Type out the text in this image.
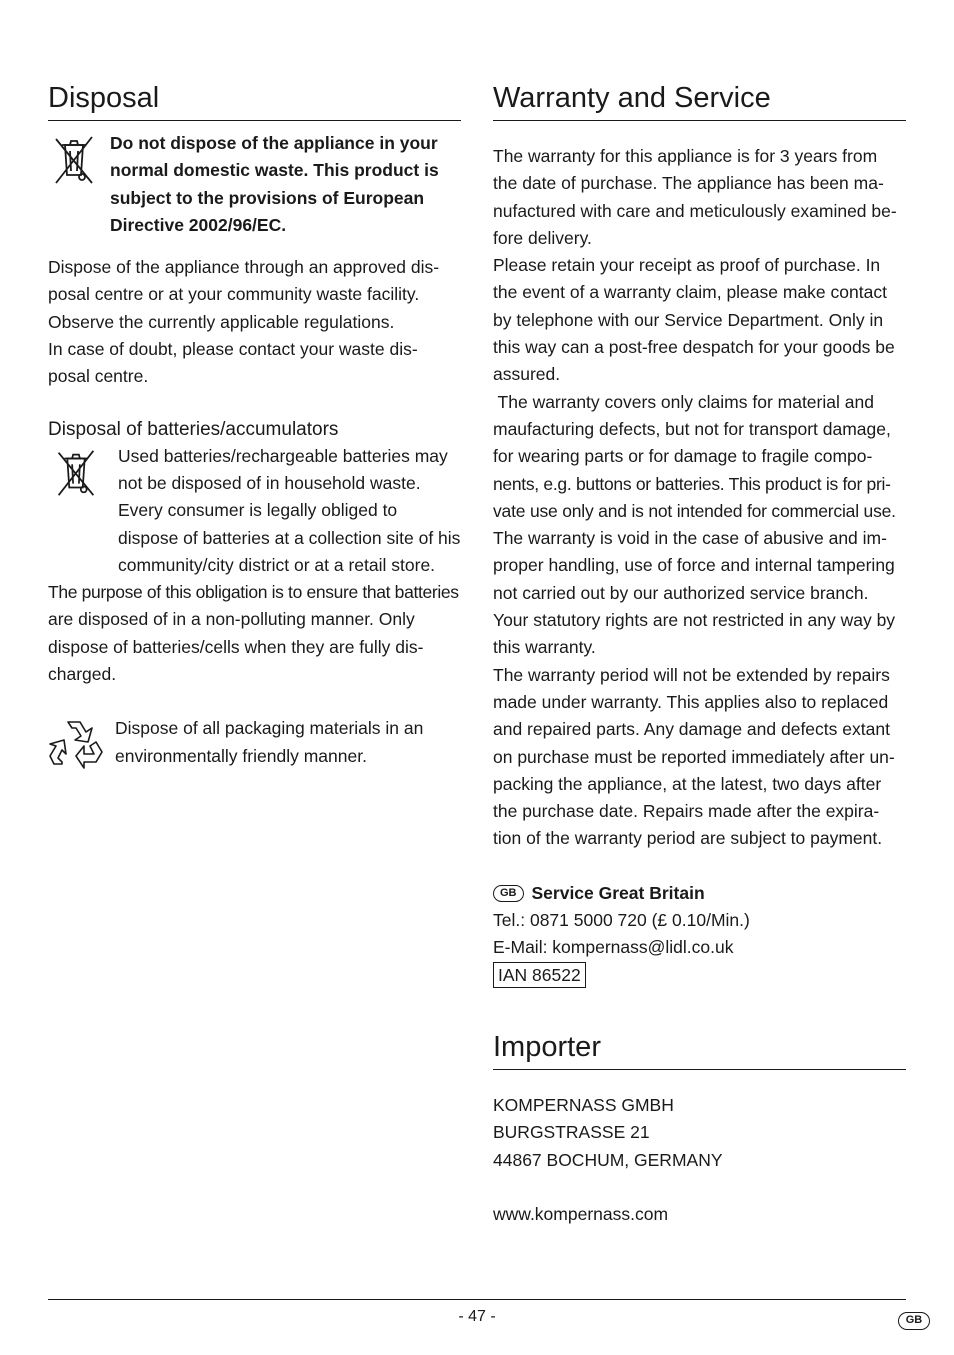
Disposal

Do not dispose of the appliance in your

normal domestic waste. This product is

subject to the provisions of European

Directive 2002/96/EC.

Dispose of the appliance through an approved dis-

posal centre or at your community waste facility.

Observe the currently applicable regulations.

In case of doubt, please contact your waste dis-

posal centre.

Disposal of batteries/accumulators

Used batteries/rechargeable batteries may

not be disposed of in household waste.

Every consumer is legally obliged to

dispose of batteries at a collection site of his

community/city district or at a retail store.

The purpose of this obligation is to ensure that batteries

are disposed of in a non-polluting manner. Only

dispose of batteries/cells when they are fully dis-

charged.

Dispose of all packaging materials in an

environmentally friendly manner.

Warranty and Service

The warranty for this appliance is for 3 years from

the date of purchase. The appliance has been ma-

nufactured with care and meticulously examined be-

fore delivery.

Please retain your receipt as proof of purchase. In

the event of a warranty claim, please make contact

by telephone with our Service Department. Only in

this way can a post-free despatch for your goods be

assured.

The warranty covers only claims for material and

maufacturing defects, but not for transport damage,

for wearing parts or for damage to fragile compo-

nents, e.g. buttons or batteries. This product is for pri-

vate use only and is not intended for commercial use.

The warranty is void in the case of abusive and im-

proper handling, use of force and internal tampering

not carried out by our authorized service branch.

Your statutory rights are not restricted in any way by

this warranty.

The warranty period will not be extended by repairs

made under warranty. This applies also to replaced

and repaired parts. Any damage and defects extant

on purchase must be reported immediately after un-

packing the appliance, at the latest, two days after

the purchase date. Repairs made after the expira-

tion of the warranty period are subject to payment.

GB Service Great Britain

Tel.: 0871 5000 720 (£ 0.10/Min.)

E-Mail: kompernass@lidl.co.uk

IAN 86522

Importer

KOMPERNASS GMBH

BURGSTRASSE 21

44867 BOCHUM, GERMANY

www.kompernass.com

- 47 -	GB
